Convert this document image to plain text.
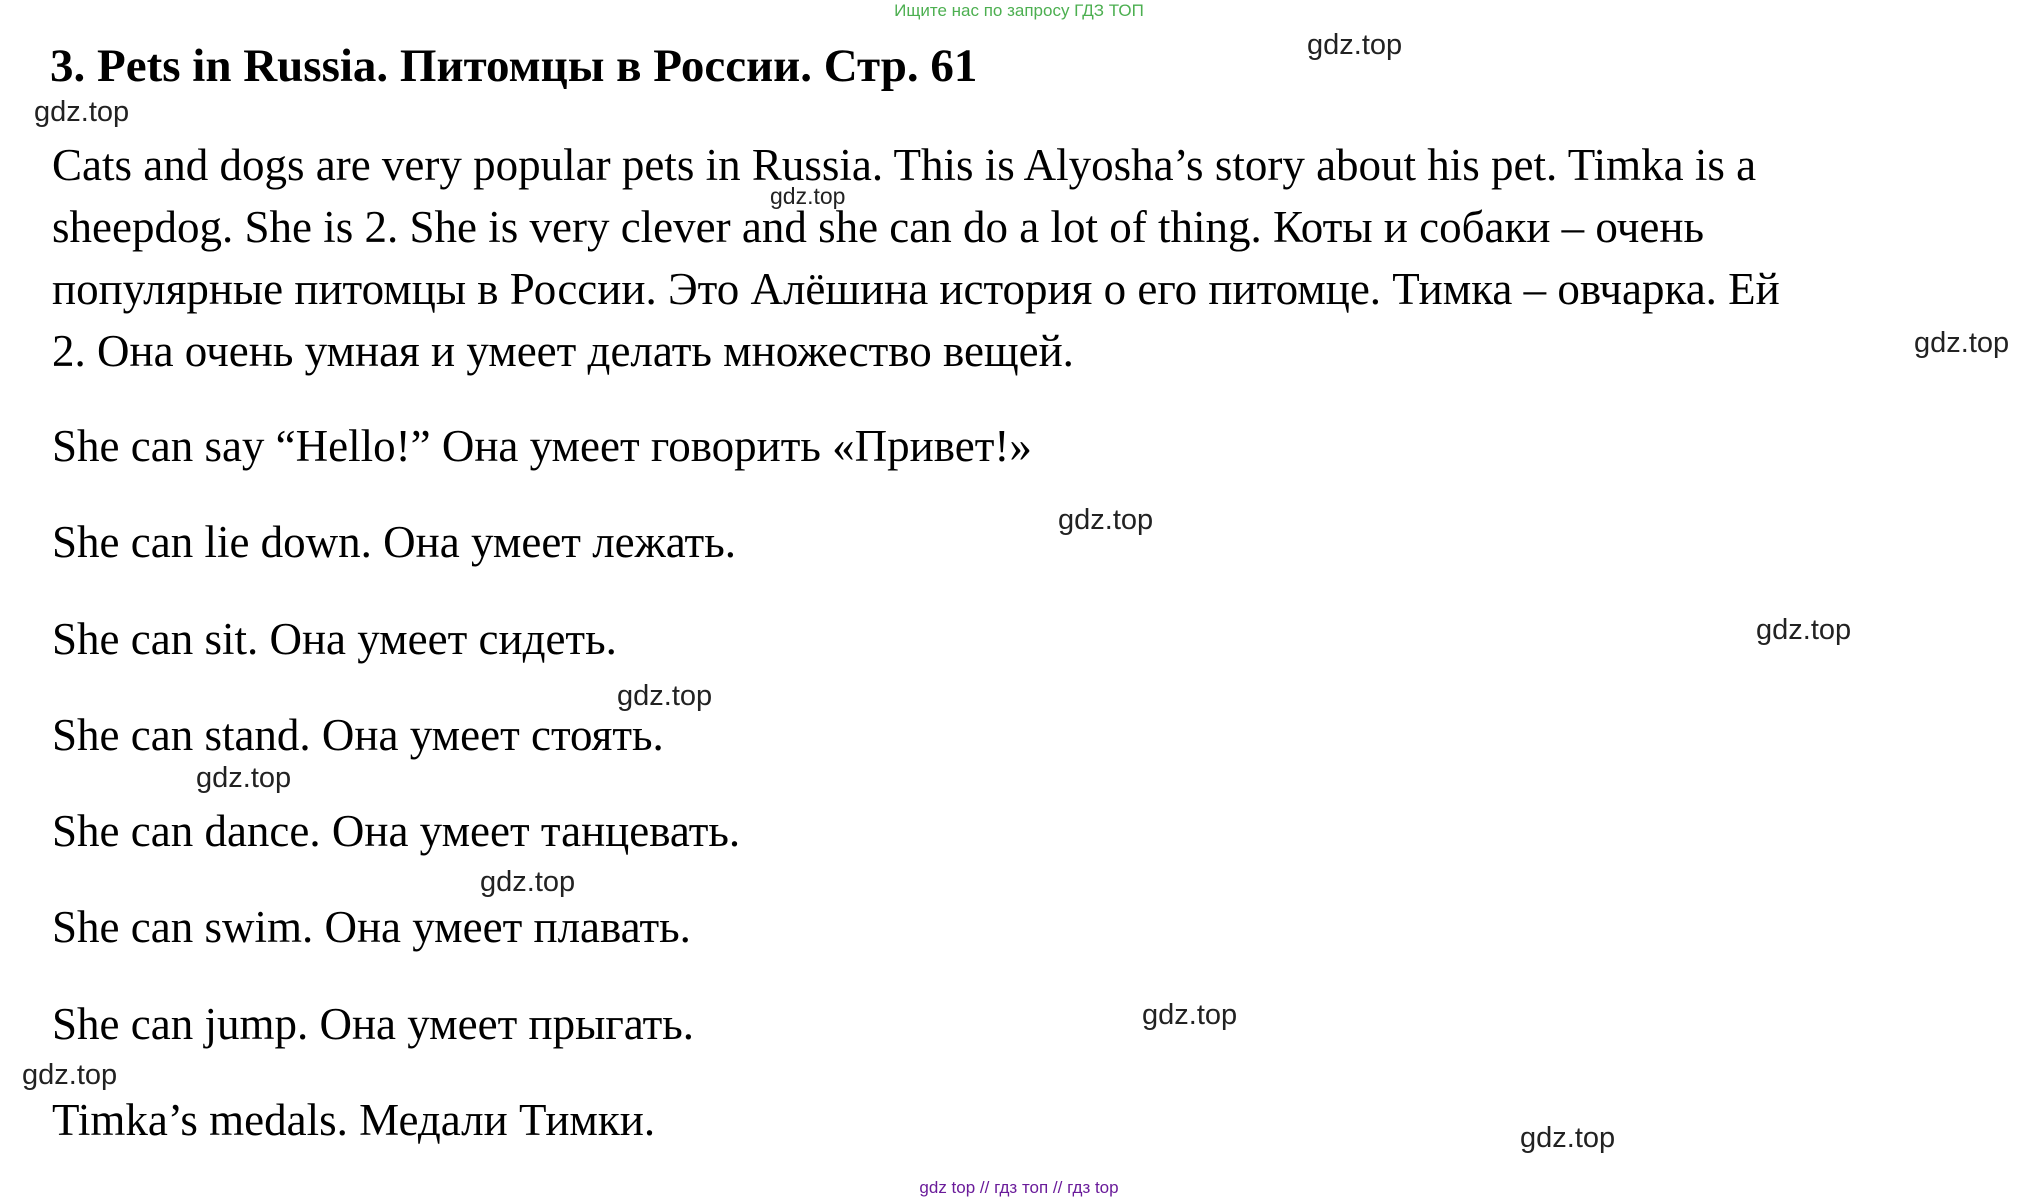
Ищите нас по запросу ГДЗ ТОП
3. Pets in Russia. Питомцы в России. Стр. 61
Cats and dogs are very popular pets in Russia. This is Alyosha’s story about his pet. Timka is a
sheepdog. She is 2. She is very clever and she can do a lot of thing. Коты и собаки – очень
популярные питомцы в России. Это Алёшина история о его питомце. Тимка – овчарка. Ей
2. Она очень умная и умеет делать множество вещей.
She can say “Hello!” Она умеет говорить «Привет!»
She can lie down. Она умеет лежать.
She can sit. Она умеет сидеть.
She can stand. Она умеет стоять.
She can dance. Она умеет танцевать.
She can swim. Она умеет плавать.
She can jump. Она умеет прыгать.
Timka’s medals. Медали Тимки.
gdz.top
gdz.top
gdz.top
gdz.top
gdz.top
gdz.top
gdz.top
gdz.top
gdz.top
gdz.top
gdz.top
gdz.top
gdz top // гдз топ // гдз top
